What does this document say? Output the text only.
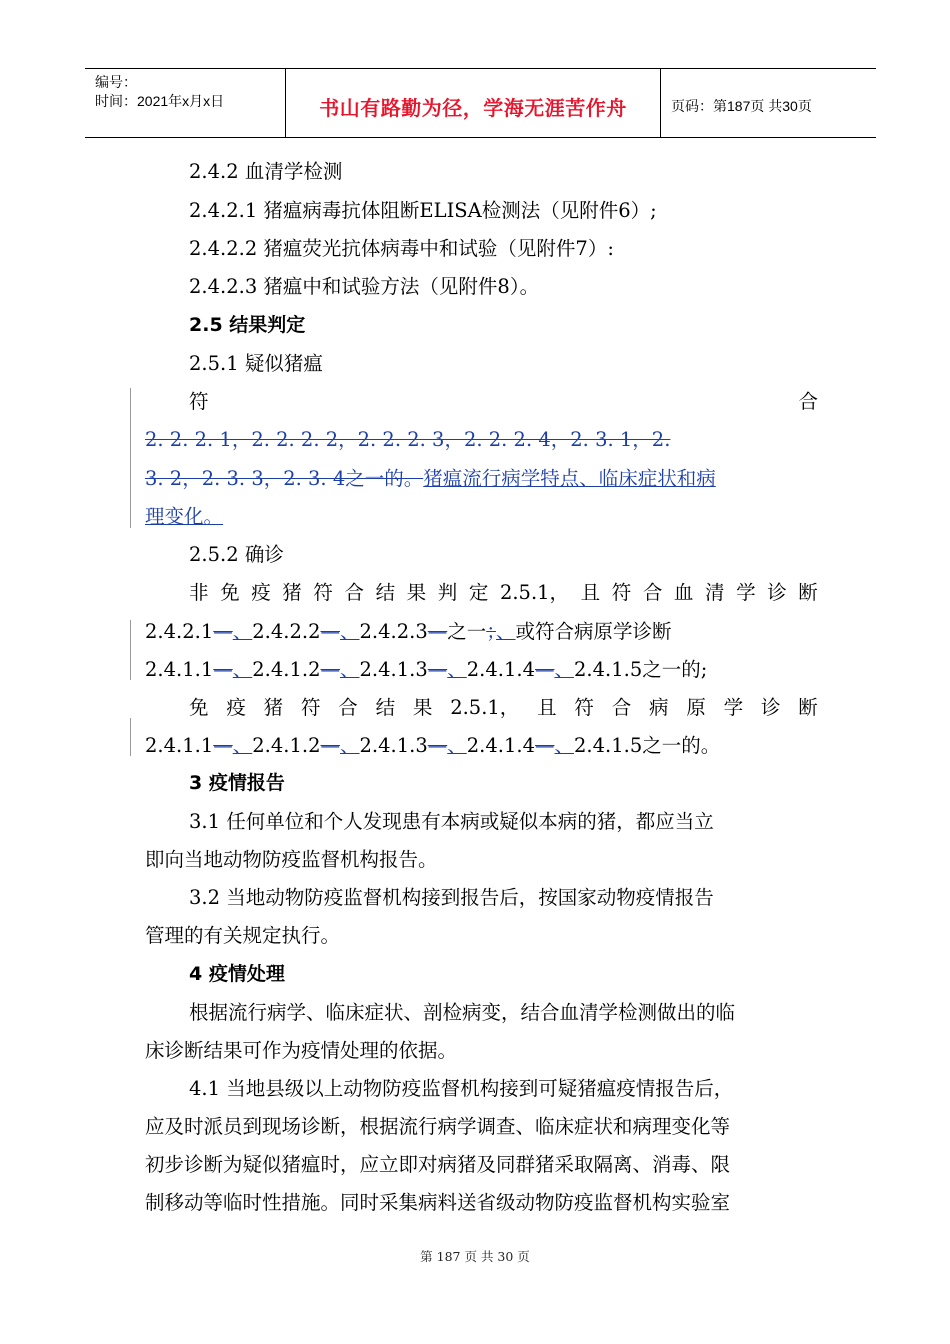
编号：
时间：2021年x月x日	书山有路勤为径，学海无涯苦作舟	页码：第187页 共30页
2.4.2 血清学检测
2.4.2.1 猪瘟病毒抗体阻断ELISA检测法（见附件6）;
2.4.2.2 猪瘟荧光抗体病毒中和试验（见附件7）:
2.4.2.3 猪瘟中和试验方法（见附件8）。
2.5 结果判定
2.5.1 疑似猪瘟
符	合
2. 2. 2. 1，2. 2. 2. 2，2. 2. 2. 3，2. 2. 2. 4，2. 3. 1，2.
3. 2，2. 3. 3，2. 3. 4之一的。猪瘟流行病学特点、临床症状和病
理变化。
2.5.2 确诊
非 免 疫 猪 符 合 结 果 判 定 2.5.1， 且 符 合 血 清 学 诊 断
2.4.2.1—、2.4.2.2—、2.4.2.3—之一；、或符合病原学诊断
2.4.1.1—、2.4.1.2—、2.4.1.3—、2.4.1.4—、2.4.1.5之一的;
免 疫 猪 符 合 结 果 2.5.1， 且 符 合 病 原 学 诊 断
2.4.1.1—、2.4.1.2—、2.4.1.3—、2.4.1.4—、2.4.1.5之一的。
3 疫情报告
3.1 任何单位和个人发现患有本病或疑似本病的猪，都应当立
即向当地动物防疫监督机构报告。
3.2 当地动物防疫监督机构接到报告后，按国家动物疫情报告
管理的有关规定执行。
4 疫情处理
根据流行病学、临床症状、剖检病变，结合血清学检测做出的临
床诊断结果可作为疫情处理的依据。
4.1 当地县级以上动物防疫监督机构接到可疑猪瘟疫情报告后，
应及时派员到现场诊断，根据流行病学调查、临床症状和病理变化等
初步诊断为疑似猪瘟时，应立即对病猪及同群猪采取隔离、消毒、限
制移动等临时性措施。同时采集病料送省级动物防疫监督机构实验室
第 187 页 共 30 页
